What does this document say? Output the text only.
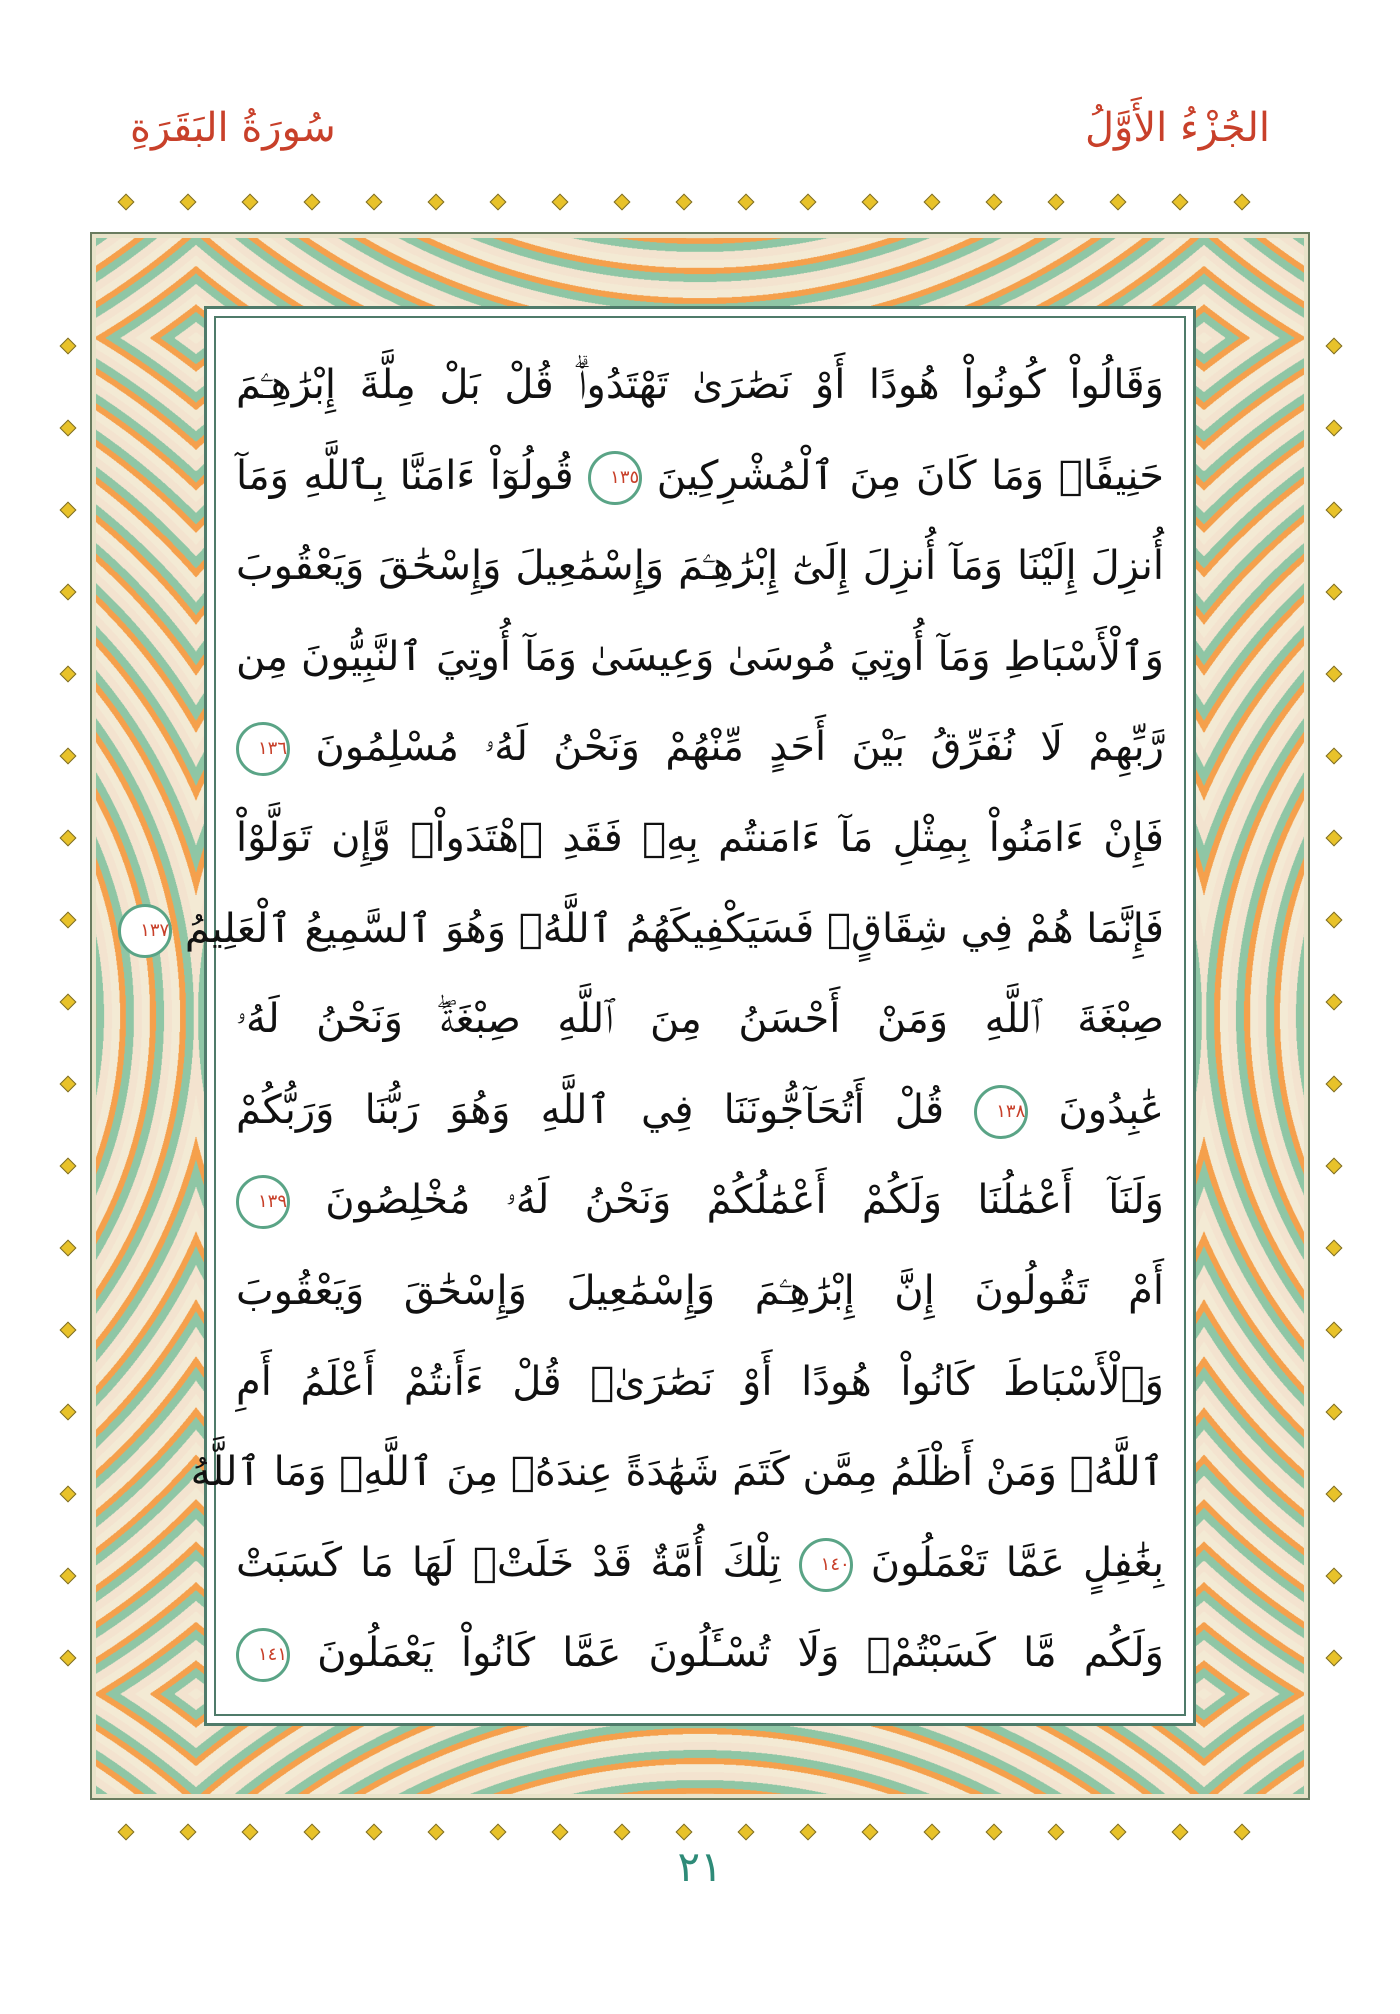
الجُزْءُ الأَوَّلُ
سُورَةُ البَقَرَةِ
وَقَالُواْ كُونُواْ هُودًا أَوْ نَصَٰرَىٰ تَهْتَدُواْۗ قُلْ بَلْ مِلَّةَ إِبْرَٰهِـۧمَ
حَنِيفًاۖ وَمَا كَانَ مِنَ ٱلْمُشْرِكِينَ ١٣٥ قُولُوٓاْ ءَامَنَّا بِٱللَّهِ وَمَآ
أُنزِلَ إِلَيْنَا وَمَآ أُنزِلَ إِلَىٰٓ إِبْرَٰهِـۧمَ وَإِسْمَٰعِيلَ وَإِسْحَٰقَ وَيَعْقُوبَ
وَٱلْأَسْبَاطِ وَمَآ أُوتِيَ مُوسَىٰ وَعِيسَىٰ وَمَآ أُوتِيَ ٱلنَّبِيُّونَ مِن
رَّبِّهِمْ لَا نُفَرِّقُ بَيْنَ أَحَدٍ مِّنْهُمْ وَنَحْنُ لَهُۥ مُسْلِمُونَ ١٣٦
فَإِنْ ءَامَنُواْ بِمِثْلِ مَآ ءَامَنتُم بِهِۦ فَقَدِ ٱهْتَدَواْۖ وَّإِن تَوَلَّوْاْ
فَإِنَّمَا هُمْ فِي شِقَاقٍۖ فَسَيَكْفِيكَهُمُ ٱللَّهُۚ وَهُوَ ٱلسَّمِيعُ ٱلْعَلِيمُ ١٣٧
صِبْغَةَ ٱللَّهِ وَمَنْ أَحْسَنُ مِنَ ٱللَّهِ صِبْغَةًۖ وَنَحْنُ لَهُۥ
عَٰبِدُونَ ١٣٨ قُلْ أَتُحَآجُّونَنَا فِي ٱللَّهِ وَهُوَ رَبُّنَا وَرَبُّكُمْ
وَلَنَآ أَعْمَٰلُنَا وَلَكُمْ أَعْمَٰلُكُمْ وَنَحْنُ لَهُۥ مُخْلِصُونَ ١٣٩
أَمْ تَقُولُونَ إِنَّ إِبْرَٰهِـۧمَ وَإِسْمَٰعِيلَ وَإِسْحَٰقَ وَيَعْقُوبَ
وَٱلْأَسْبَاطَ كَانُواْ هُودًا أَوْ نَصَٰرَىٰۗ قُلْ ءَأَنتُمْ أَعْلَمُ أَمِ
ٱللَّهُۗ وَمَنْ أَظْلَمُ مِمَّن كَتَمَ شَهَٰدَةً عِندَهُۥ مِنَ ٱللَّهِۗ وَمَا ٱللَّهُ
بِغَٰفِلٍ عَمَّا تَعْمَلُونَ ١٤٠ تِلْكَ أُمَّةٌ قَدْ خَلَتْۖ لَهَا مَا كَسَبَتْ
وَلَكُم مَّا كَسَبْتُمْۖ وَلَا تُسْـَٔلُونَ عَمَّا كَانُواْ يَعْمَلُونَ ١٤١
٢١
